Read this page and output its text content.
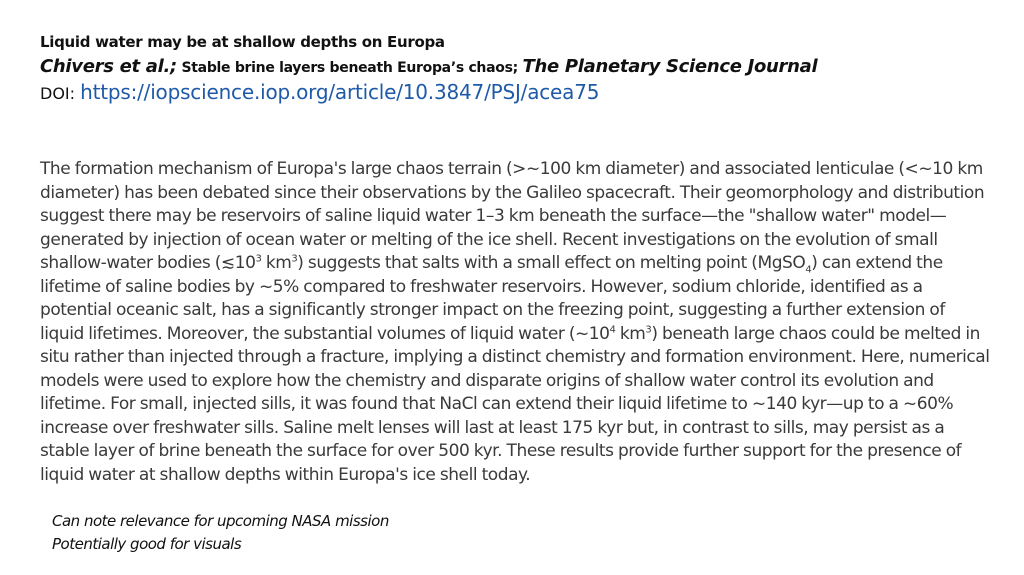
Liquid water may be at shallow depths on Europa
Chivers et al.; Stable brine layers beneath Europa’s chaos; The Planetary Science Journal
DOI: https://iopscience.iop.org/article/10.3847/PSJ/acea75
The formation mechanism of Europa's large chaos terrain (>~100 km diameter) and associated lenticulae (<~10 km diameter) has been debated since their observations by the Galileo spacecraft. Their geomorphology and distribution suggest there may be reservoirs of saline liquid water 1–3 km beneath the surface—the "shallow water" model—generated by injection of ocean water or melting of the ice shell. Recent investigations on the evolution of small shallow-water bodies ($≲10^3$ $km^3$) suggests that salts with a small effect on melting point (MgSO$_4$) can extend the lifetime of saline bodies by ~5% compared to freshwater reservoirs. However, sodium chloride, identified as a potential oceanic salt, has a significantly stronger impact on the freezing point, suggesting a further extension of liquid lifetimes. Moreover, the substantial volumes of liquid water ($\sim 10^4$ $km^3$) beneath large chaos could be melted in situ rather than injected through a fracture, implying a distinct chemistry and formation environment. Here, numerical models were used to explore how the chemistry and disparate origins of shallow water control its evolution and lifetime. For small, injected sills, it was found that NaCl can extend their liquid lifetime to ~140 kyr—up to a ~60% increase over freshwater sills. Saline melt lenses will last at least 175 kyr but, in contrast to sills, may persist as a stable layer of brine beneath the surface for over 500 kyr. These results provide further support for the presence of liquid water at shallow depths within Europa's ice shell today.
Can note relevance for upcoming NASA mission
Potentially good for visuals
